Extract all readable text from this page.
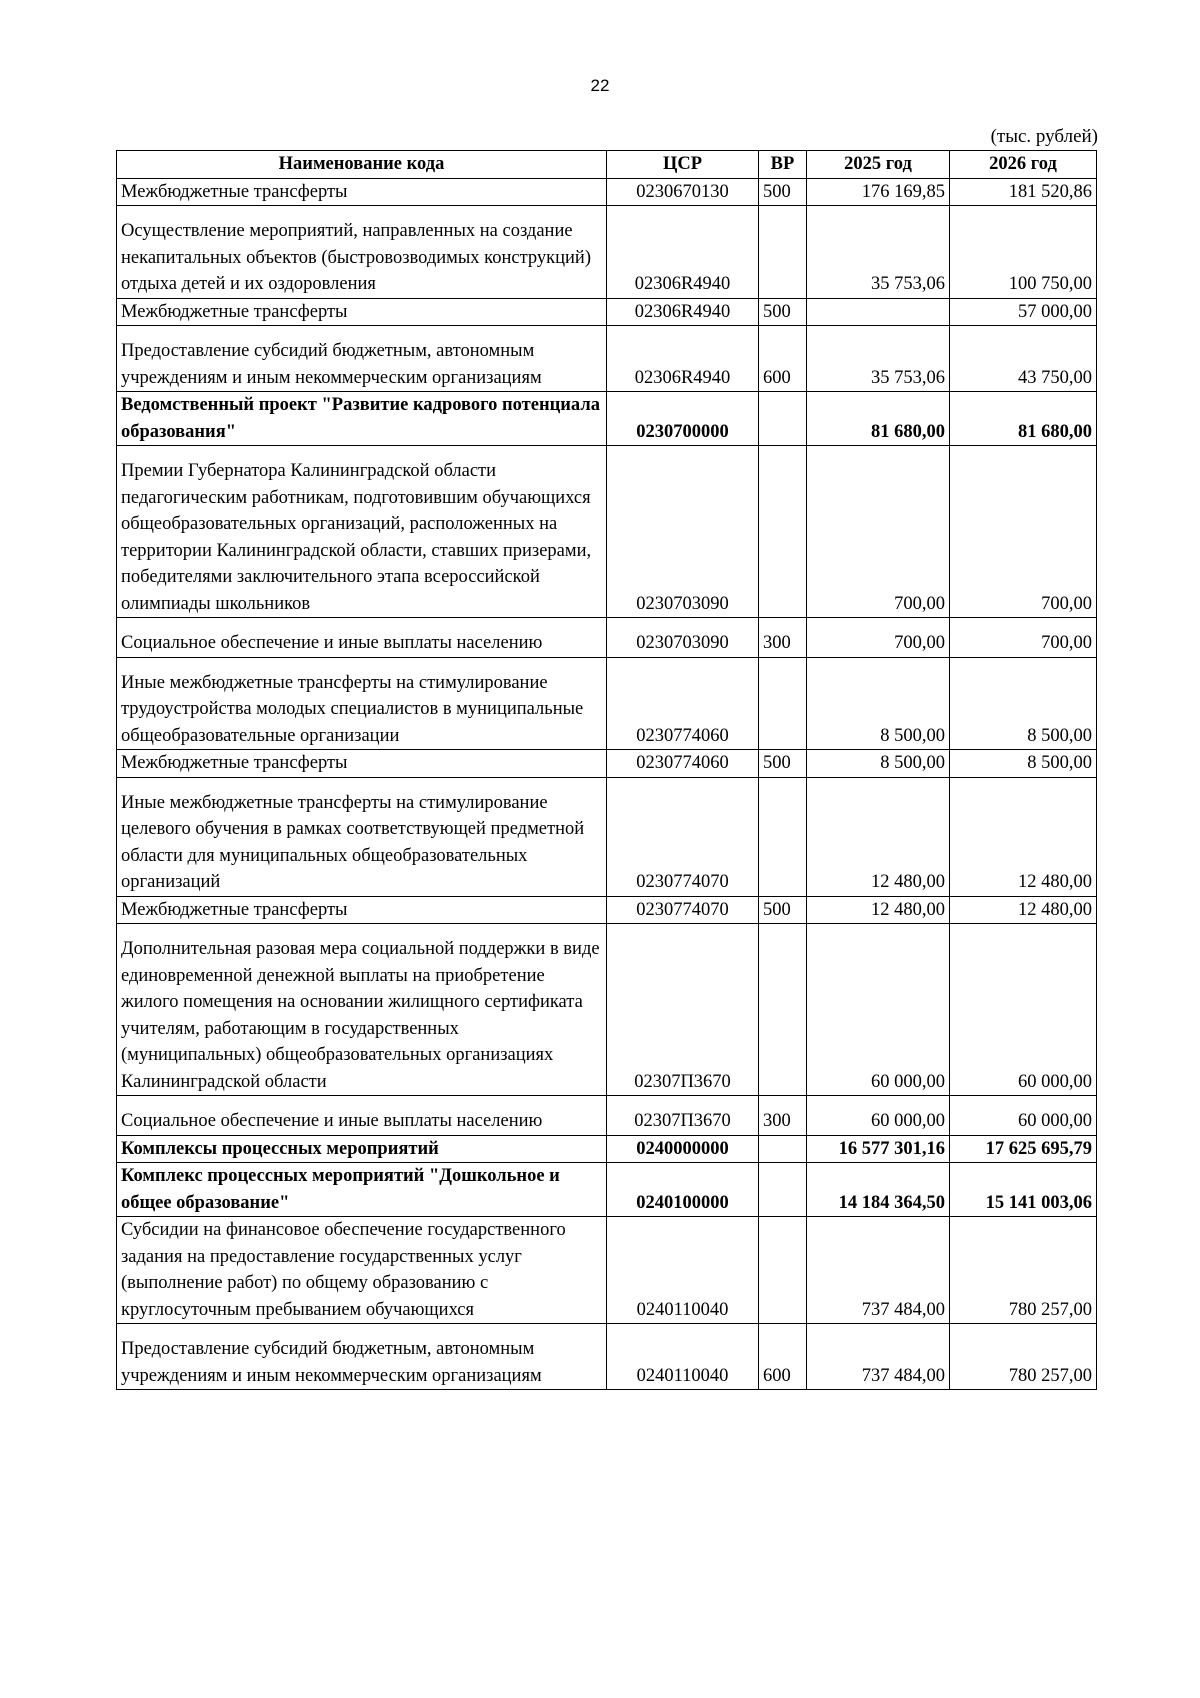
22
(тыс. рублей)
Наименование кода	ЦСР	ВР	2025 год	2026 год
Межбюджетные трансферты	0230670130	500	176 169,85	181 520,86
Осуществление мероприятий, направленных на создание некапитальных объектов (быстровозводимых конструкций) отдыха детей и их оздоровления	02306R4940		35 753,06	100 750,00
Межбюджетные трансферты	02306R4940	500		57 000,00
Предоставление субсидий бюджетным, автономным учреждениям и иным некоммерческим организациям	02306R4940	600	35 753,06	43 750,00
Ведомственный проект "Развитие кадрового потенциала образования"	0230700000		81 680,00	81 680,00
Премии Губернатора Калининградской области педагогическим работникам, подготовившим обучающихся общеобразовательных организаций, расположенных на территории Калининградской области, ставших призерами, победителями заключительного этапа всероссийской олимпиады школьников	0230703090		700,00	700,00
Социальное обеспечение и иные выплаты населению	0230703090	300	700,00	700,00
Иные межбюджетные трансферты на стимулирование трудоустройства молодых специалистов в муниципальные общеобразовательные организации	0230774060		8 500,00	8 500,00
Межбюджетные трансферты	0230774060	500	8 500,00	8 500,00
Иные межбюджетные трансферты на стимулирование целевого обучения в рамках соответствующей предметной области для муниципальных общеобразовательных организаций	0230774070		12 480,00	12 480,00
Межбюджетные трансферты	0230774070	500	12 480,00	12 480,00
Дополнительная разовая мера социальной поддержки в виде единовременной денежной выплаты на приобретение жилого помещения на основании жилищного сертификата учителям, работающим в государственных (муниципальных) общеобразовательных организациях Калининградской области	02307П3670		60 000,00	60 000,00
Социальное обеспечение и иные выплаты населению	02307П3670	300	60 000,00	60 000,00
Комплексы процессных мероприятий	0240000000		16 577 301,16	17 625 695,79
Комплекс процессных мероприятий "Дошкольное и общее образование"	0240100000		14 184 364,50	15 141 003,06
Субсидии на финансовое обеспечение государственного задания на предоставление государственных услуг (выполнение работ) по общему образованию с круглосуточным пребыванием обучающихся	0240110040		737 484,00	780 257,00
Предоставление субсидий бюджетным, автономным учреждениям и иным некоммерческим организациям	0240110040	600	737 484,00	780 257,00
